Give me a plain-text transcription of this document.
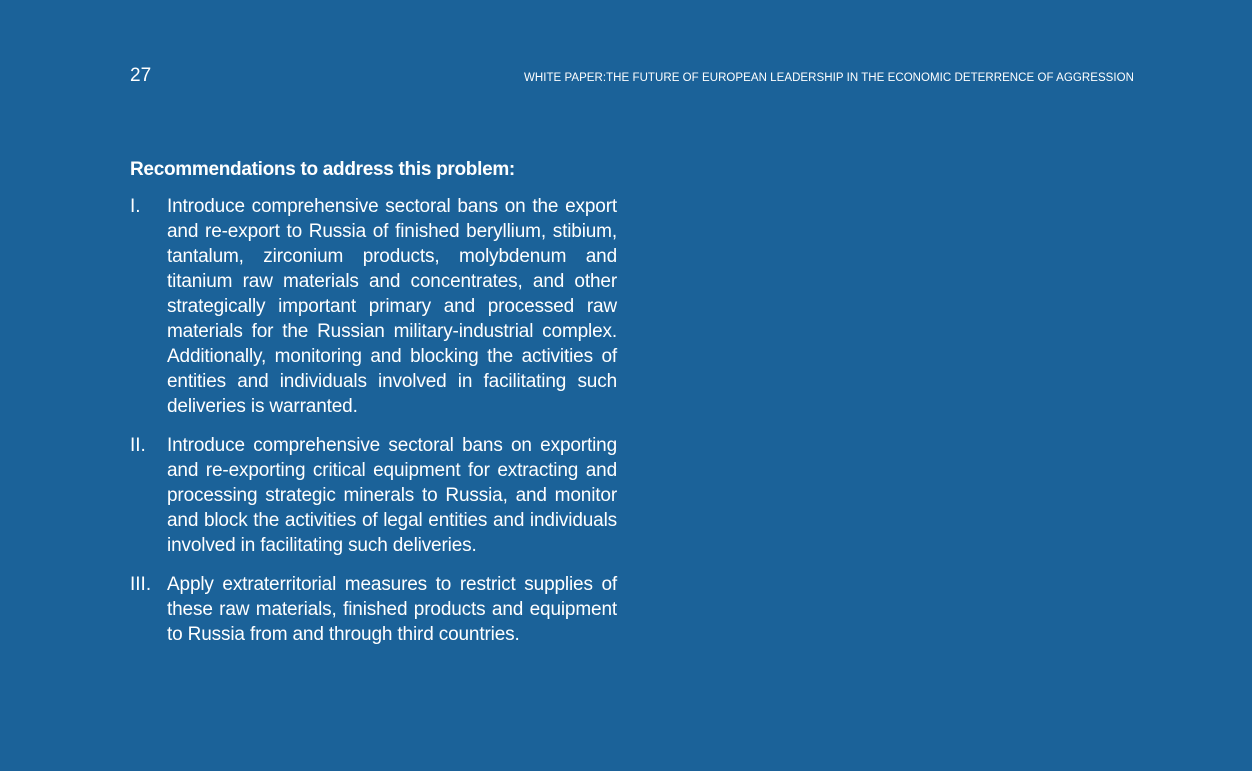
27	WHITE PAPER:THE FUTURE OF EUROPEAN LEADERSHIP IN THE ECONOMIC DETERRENCE OF AGGRESSION
Recommendations to address this problem:
I.	Introduce comprehensive sectoral bans on the export and re-export to Russia of finished beryllium, stibium, tantalum, zirconium products, molybdenum and titanium raw materials and concentrates, and other strategically important primary and processed raw materials for the Russian military-industrial complex. Additionally, monitoring and blocking the activities of entities and individuals involved in facilitating such deliveries is warranted.
II.	Introduce comprehensive sectoral bans on exporting and re-exporting critical equipment for extracting and processing strategic minerals to Russia, and monitor and block the activities of legal entities and individuals involved in facilitating such deliveries.
III. Apply extraterritorial measures to restrict supplies of these raw materials, finished products and equipment to Russia from and through third countries.
